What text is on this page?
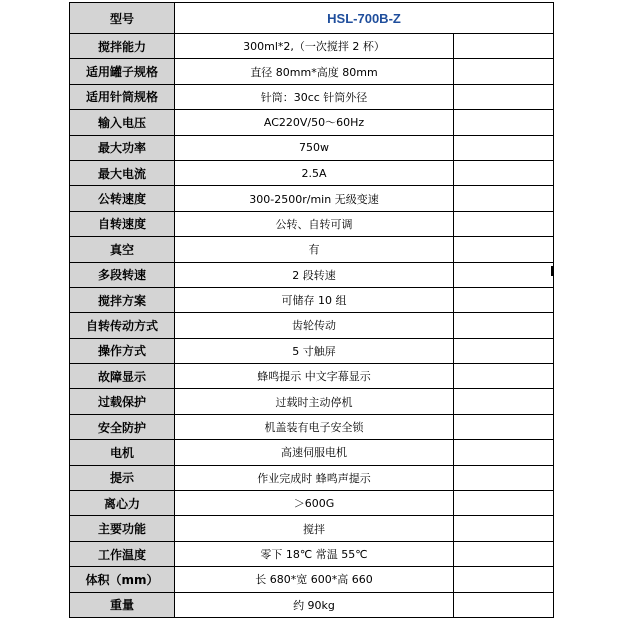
型号	HSL-700B-Z	
搅拌能力	300ml*2,（一次搅拌 2 杯）	
适用罐子规格	直径 80mm*高度 80mm	
适用针筒规格	针筒：30cc 针筒外径	
输入电压	AC220V/50～60Hz	
最大功率	750w	
最大电流	2.5A	
公转速度	300-2500r/min 无级变速	
自转速度	公转、自转可调	
真空	有	
多段转速	2 段转速	
搅拌方案	可储存 10 组	
自转传动方式	齿轮传动	
操作方式	5 寸触屏	
故障显示	蜂鸣提示 中文字幕显示	
过载保护	过载时主动停机	
安全防护	机盖装有电子安全锁	
电机	高速伺服电机	
提示	作业完成时 蜂鸣声提示	
离心力	＞600G	
主要功能	搅拌	
工作温度	零下 18℃ 常温 55℃	
体积（mm）	长 680*宽 600*高 660	
重量	约 90kg	
